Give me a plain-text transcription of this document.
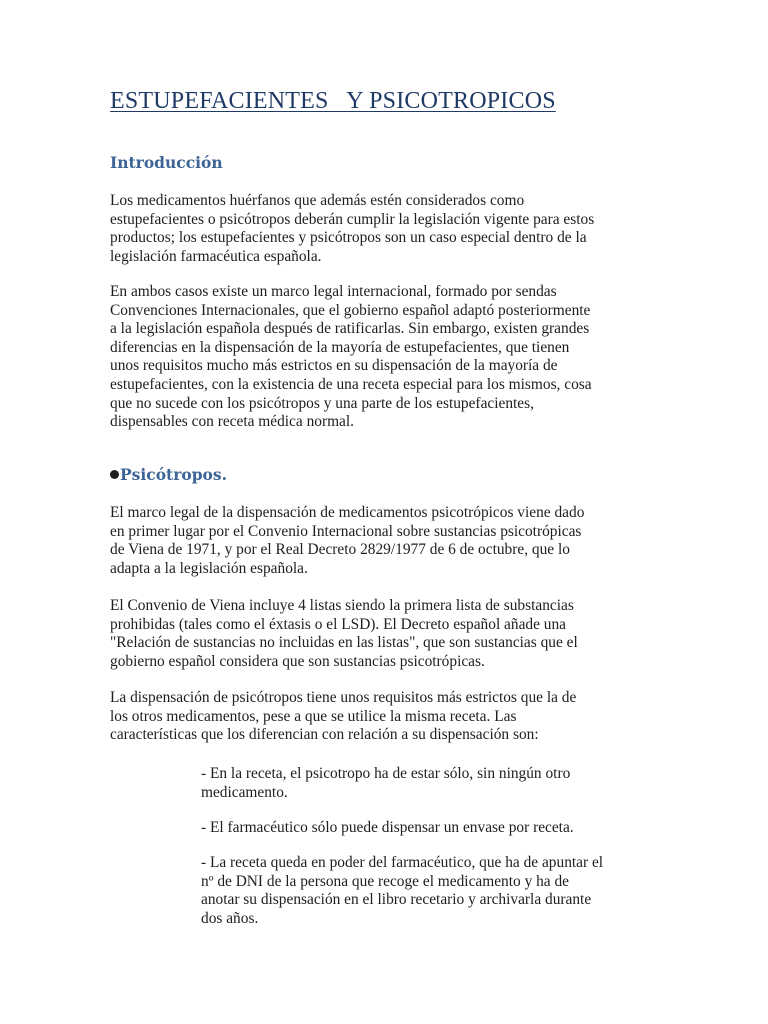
ESTUPEFACIENTES   Y PSICOTROPICOS
Introducción
Los medicamentos huérfanos que además estén considerados como
estupefacientes o psicótropos deberán cumplir la legislación vigente para estos
productos; los estupefacientes y psicótropos son un caso especial dentro de la
legislación farmacéutica española.
En ambos casos existe un marco legal internacional, formado por sendas
Convenciones Internacionales, que el gobierno español adaptó posteriormente
a la legislación española después de ratificarlas. Sin embargo, existen grandes
diferencias en la dispensación de la mayoría de estupefacientes, que tienen
unos requisitos mucho más estrictos en su dispensación de la mayoría de
estupefacientes, con la existencia de una receta especial para los mismos, cosa
que no sucede con los psicótropos y una parte de los estupefacientes,
dispensables con receta médica normal.
Psicótropos.
El marco legal de la dispensación de medicamentos psicotrópicos viene dado
en primer lugar por el Convenio Internacional sobre sustancias psicotrópicas
de Viena de 1971, y por el Real Decreto 2829/1977 de 6 de octubre, que lo
adapta a la legislación española.
El Convenio de Viena incluye 4 listas siendo la primera lista de substancias
prohibidas (tales como el éxtasis o el LSD). El Decreto español añade una
"Relación de sustancias no incluidas en las listas", que son sustancias que el
gobierno español considera que son sustancias psicotrópicas.
La dispensación de psicótropos tiene unos requisitos más estrictos que la de
los otros medicamentos, pese a que se utilice la misma receta. Las
características que los diferencian con relación a su dispensación son:
- En la receta, el psicotropo ha de estar sólo, sin ningún otro
medicamento.
- El farmacéutico sólo puede dispensar un envase por receta.
- La receta queda en poder del farmacéutico, que ha de apuntar el
nº de DNI de la persona que recoge el medicamento y ha de
anotar su dispensación en el libro recetario y archivarla durante
dos años.
